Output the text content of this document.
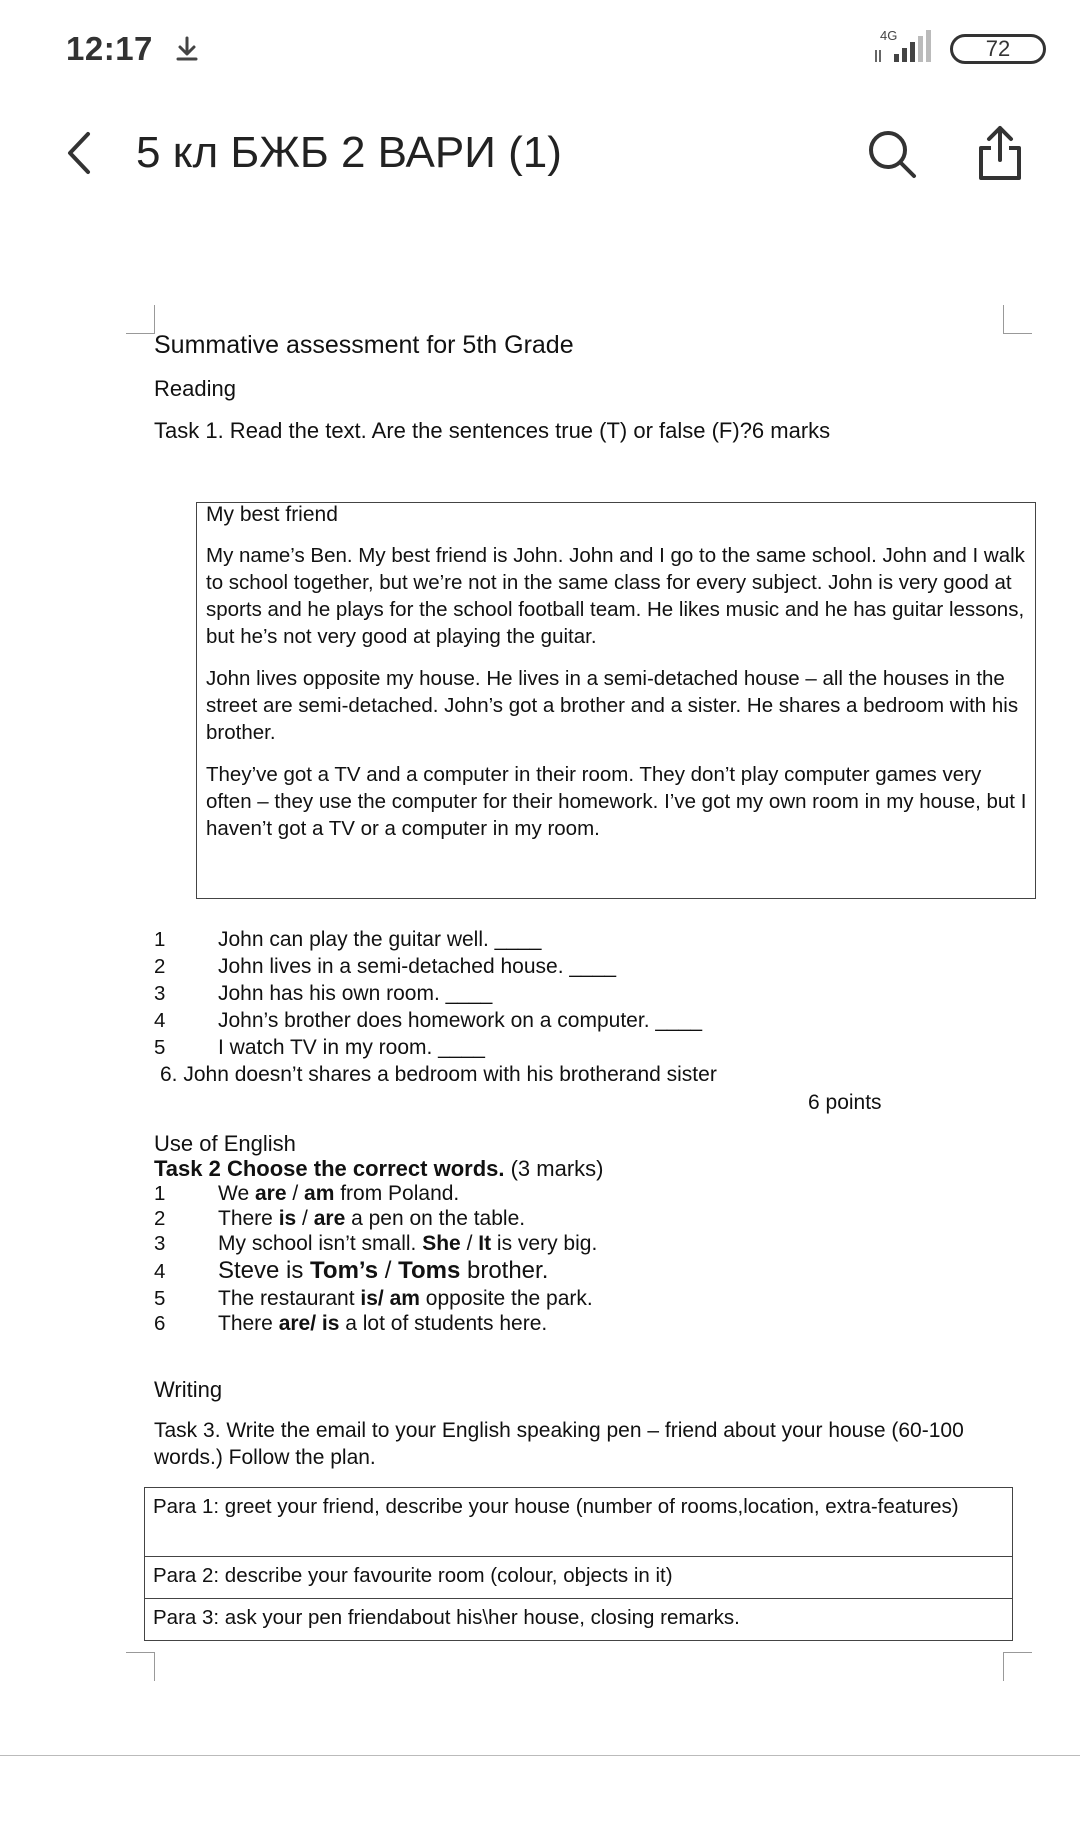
12:17	4G
72
5 кл БЖБ 2 ВАРИ (1)
Summative assessment for 5th Grade
Reading
Task 1. Read the text. Are the sentences true (T) or false (F)?6 marks
My best friend
My name’s Ben. My best friend is John. John and I go to the same school. John and I walk to school together, but we’re not in the same class for every subject. John is very good at sports and he plays for the school football team. He likes music and he has guitar lessons, but he’s not very good at playing the guitar.
John lives opposite my house. He lives in a semi-detached house – all the houses in the street are semi-detached. John’s got a brother and a sister. He shares a bedroom with his brother.
They’ve got a TV and a computer in their room. They don’t play computer games very often – they use the computer for their homework. I’ve got my own room in my house, but I haven’t got a TV or a computer in my room.
1	John can play the guitar well. ____
2	John lives in a semi-detached house. ____
3	John has his own room. ____
4	John’s brother does homework on a computer. ____
5	I watch TV in my room. ____
6. John doesn’t shares a bedroom with his brotherand sister
6 points
Use of English
Task 2 Choose the correct words. (3 marks)
1	We are / am from Poland.
2	There is / are a pen on the table.
3	My school isn’t small. She / It is very big.
4 Steve is Tom’s / Toms brother.
5	The restaurant is/ am opposite the park.
6	There are/ is a lot of students here.
Writing
Task 3. Write the email to your English speaking pen – friend about your house (60-100
words.) Follow the plan.
Para 1: greet your friend, describe your house (number of rooms,location, extra-features)
Para 2: describe your favourite room (colour, objects in it)
Para 3: ask your pen friendabout his\her house, closing remarks.
